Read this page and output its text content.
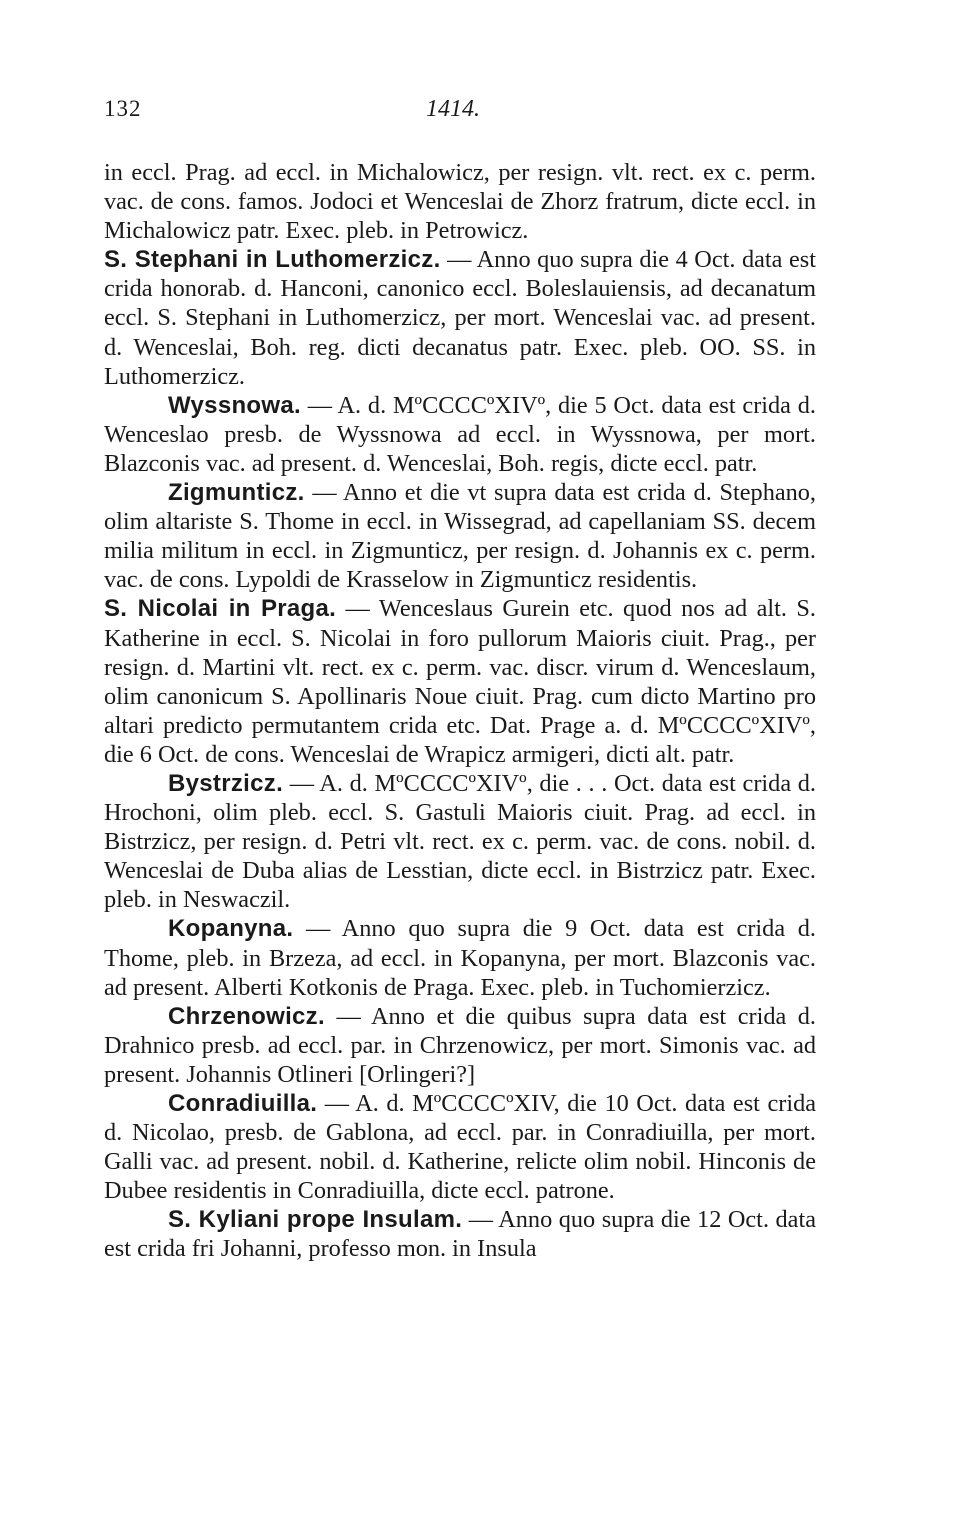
132	1414.

in eccl. Prag. ad eccl. in Michalowicz, per resign. vlt. rect. ex c. perm. vac. de cons. famos. Jodoci et Wenceslai de Zhorz fratrum, dicte eccl. in Michalowicz patr. Exec. pleb. in Petrowicz.

S. Stephani in Luthomerzicz. — Anno quo supra die 4 Oct. data est crida honorab. d. Hanconi, canonico eccl. Boleslauiensis, ad decanatum eccl. S. Stephani in Luthomerzicz, per mort. Wenceslai vac. ad present. d. Wenceslai, Boh. reg. dicti decanatus patr. Exec. pleb. OO. SS. in Luthomerzicz.

Wyssnowa. — A. d. MºCCCCºXIVº, die 5 Oct. data est crida d. Wenceslao presb. de Wyssnowa ad eccl. in Wyssnowa, per mort. Blazconis vac. ad present. d. Wenceslai, Boh. regis, dicte eccl. patr.

Zigmunticz. — Anno et die vt supra data est crida d. Stephano, olim altariste S. Thome in eccl. in Wissegrad, ad capellaniam SS. decem milia militum in eccl. in Zigmunticz, per resign. d. Johannis ex c. perm. vac. de cons. Lypoldi de Krasselow in Zigmunticz residentis.

S. Nicolai in Praga. — Wenceslaus Gurein etc. quod nos ad alt. S. Katherine in eccl. S. Nicolai in foro pullorum Maioris ciuit. Prag., per resign. d. Martini vlt. rect. ex c. perm. vac. discr. virum d. Wenceslaum, olim canonicum S. Apollinaris Noue ciuit. Prag. cum dicto Martino pro altari predicto permutantem crida etc. Dat. Prage a. d. MºCCCCºXIVº, die 6 Oct. de cons. Wenceslai de Wrapicz armigeri, dicti alt. patr.

Bystrzicz. — A. d. MºCCCCºXIVº, die . . . Oct. data est crida d. Hrochoni, olim pleb. eccl. S. Gastuli Maioris ciuit. Prag. ad eccl. in Bistrzicz, per resign. d. Petri vlt. rect. ex c. perm. vac. de cons. nobil. d. Wenceslai de Duba alias de Lesstian, dicte eccl. in Bistrzicz patr. Exec. pleb. in Neswaczil.

Kopanyna. — Anno quo supra die 9 Oct. data est crida d. Thome, pleb. in Brzeza, ad eccl. in Kopanyna, per mort. Blazconis vac. ad present. Alberti Kotkonis de Praga. Exec. pleb. in Tuchomierzicz.

Chrzenowicz. — Anno et die quibus supra data est crida d. Drahnico presb. ad eccl. par. in Chrzenowicz, per mort. Simonis vac. ad present. Johannis Otlineri [Orlingeri?]

Conradiuilla. — A. d. MºCCCCºXIV, die 10 Oct. data est crida d. Nicolao, presb. de Gablona, ad eccl. par. in Conradiuilla, per mort. Galli vac. ad present. nobil. d. Katherine, relicte olim nobil. Hinconis de Dubee residentis in Conradiuilla, dicte eccl. patrone.

S. Kyliani prope Insulam. — Anno quo supra die 12 Oct. data est crida fri Johanni, professo mon. in Insula
